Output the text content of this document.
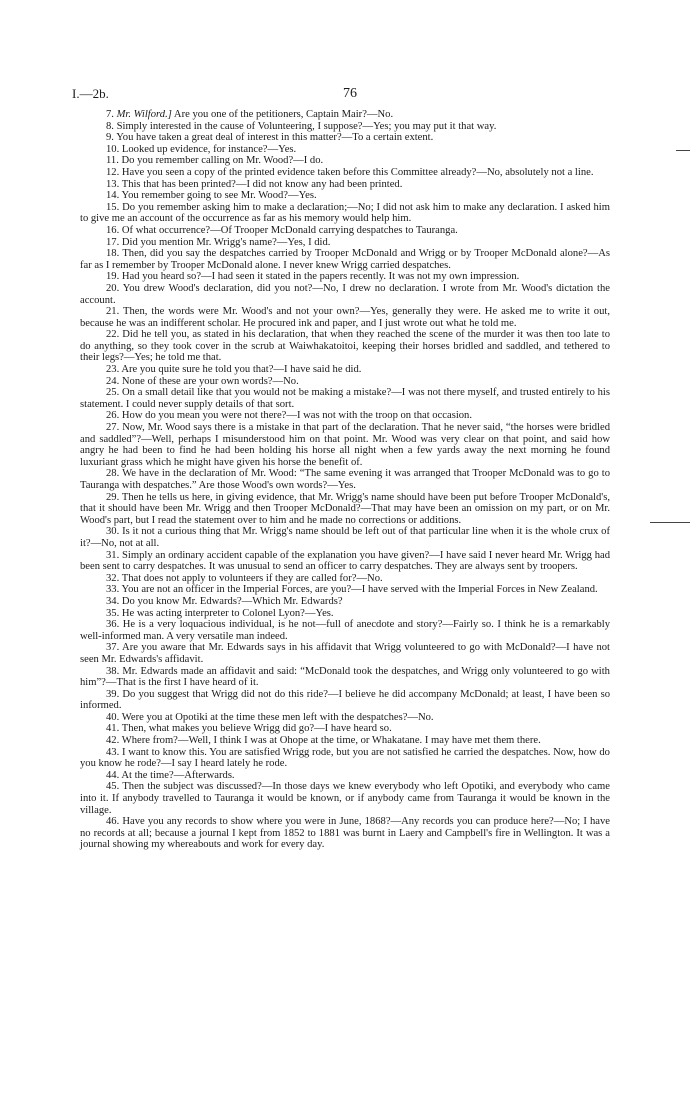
I.—2b.	76

7. Mr. Wilford.] Are you one of the petitioners, Captain Mair?—No.

8. Simply interested in the cause of Volunteering, I suppose?—Yes; you may put it that way.

9. You have taken a great deal of interest in this matter?—To a certain extent.

10. Looked up evidence, for instance?—Yes.

11. Do you remember calling on Mr. Wood?—I do.

12. Have you seen a copy of the printed evidence taken before this Committee already?—No, absolutely not a line.

13. This that has been printed?—I did not know any had been printed.

14. You remember going to see Mr. Wood?—Yes.

15. Do you remember asking him to make a declaration;—No; I did not ask him to make any declaration. I asked him to give me an account of the occurrence as far as his memory would help him.

16. Of what occurrence?—Of Trooper McDonald carrying despatches to Tauranga.

17. Did you mention Mr. Wrigg's name?—Yes, I did.

18. Then, did you say the despatches carried by Trooper McDonald and Wrigg or by Trooper McDonald alone?—As far as I remember by Trooper McDonald alone. I never knew Wrigg carried despatches.

19. Had you heard so?—I had seen it stated in the papers recently. It was not my own impression.

20. You drew Wood's declaration, did you not?—No, I drew no declaration. I wrote from Mr. Wood's dictation the account.

21. Then, the words were Mr. Wood's and not your own?—Yes, generally they were. He asked me to write it out, because he was an indifferent scholar. He procured ink and paper, and I just wrote out what he told me.

22. Did he tell you, as stated in his declaration, that when they reached the scene of the murder it was then too late to do anything, so they took cover in the scrub at Waiwhakatoitoi, keeping their horses bridled and saddled, and tethered to their legs?—Yes; he told me that.

23. Are you quite sure he told you that?—I have said he did.

24. None of these are your own words?—No.

25. On a small detail like that you would not be making a mistake?—I was not there myself, and trusted entirely to his statement. I could never supply details of that sort.

26. How do you mean you were not there?—I was not with the troop on that occasion.

27. Now, Mr. Wood says there is a mistake in that part of the declaration. That he never said, “the horses were bridled and saddled”?—Well, perhaps I misunderstood him on that point. Mr. Wood was very clear on that point, and said how angry he had been to find he had been holding his horse all night when a few yards away the next morning he found luxuriant grass which he might have given his horse the benefit of.

28. We have in the declaration of Mr. Wood: “The same evening it was arranged that Trooper McDonald was to go to Tauranga with despatches.” Are those Wood's own words?—Yes.

29. Then he tells us here, in giving evidence, that Mr. Wrigg's name should have been put before Trooper McDonald's, that it should have been Mr. Wrigg and then Trooper McDonald?—That may have been an omission on my part, or on Mr. Wood's part, but I read the statement over to him and he made no corrections or additions.

30. Is it not a curious thing that Mr. Wrigg's name should be left out of that particular line when it is the whole crux of it?—No, not at all.

31. Simply an ordinary accident capable of the explanation you have given?—I have said I never heard Mr. Wrigg had been sent to carry despatches. It was unusual to send an officer to carry despatches. They are always sent by troopers.

32. That does not apply to volunteers if they are called for?—No.

33. You are not an officer in the Imperial Forces, are you?—I have served with the Imperial Forces in New Zealand.

34. Do you know Mr. Edwards?—Which Mr. Edwards?

35. He was acting interpreter to Colonel Lyon?—Yes.

36. He is a very loquacious individual, is he not—full of anecdote and story?—Fairly so. I think he is a remarkably well-informed man. A very versatile man indeed.

37. Are you aware that Mr. Edwards says in his affidavit that Wrigg volunteered to go with McDonald?—I have not seen Mr. Edwards's affidavit.

38. Mr. Edwards made an affidavit and said: “McDonald took the despatches, and Wrigg only volunteered to go with him”?—That is the first I have heard of it.

39. Do you suggest that Wrigg did not do this ride?—I believe he did accompany McDonald; at least, I have been so informed.

40. Were you at Opotiki at the time these men left with the despatches?—No.

41. Then, what makes you believe Wrigg did go?—I have heard so.

42. Where from?—Well, I think I was at Ohope at the time, or Whakatane. I may have met them there.

43. I want to know this. You are satisfied Wrigg rode, but you are not satisfied he carried the despatches. Now, how do you know he rode?—I say I heard lately he rode.

44. At the time?—Afterwards.

45. Then the subject was discussed?—In those days we knew everybody who left Opotiki, and everybody who came into it. If anybody travelled to Tauranga it would be known, or if anybody came from Tauranga it would be known in the village.

46. Have you any records to show where you were in June, 1868?—Any records you can produce here?—No; I have no records at all; because a journal I kept from 1852 to 1881 was burnt in Laery and Campbell's fire in Wellington. It was a journal showing my whereabouts and work for every day.
